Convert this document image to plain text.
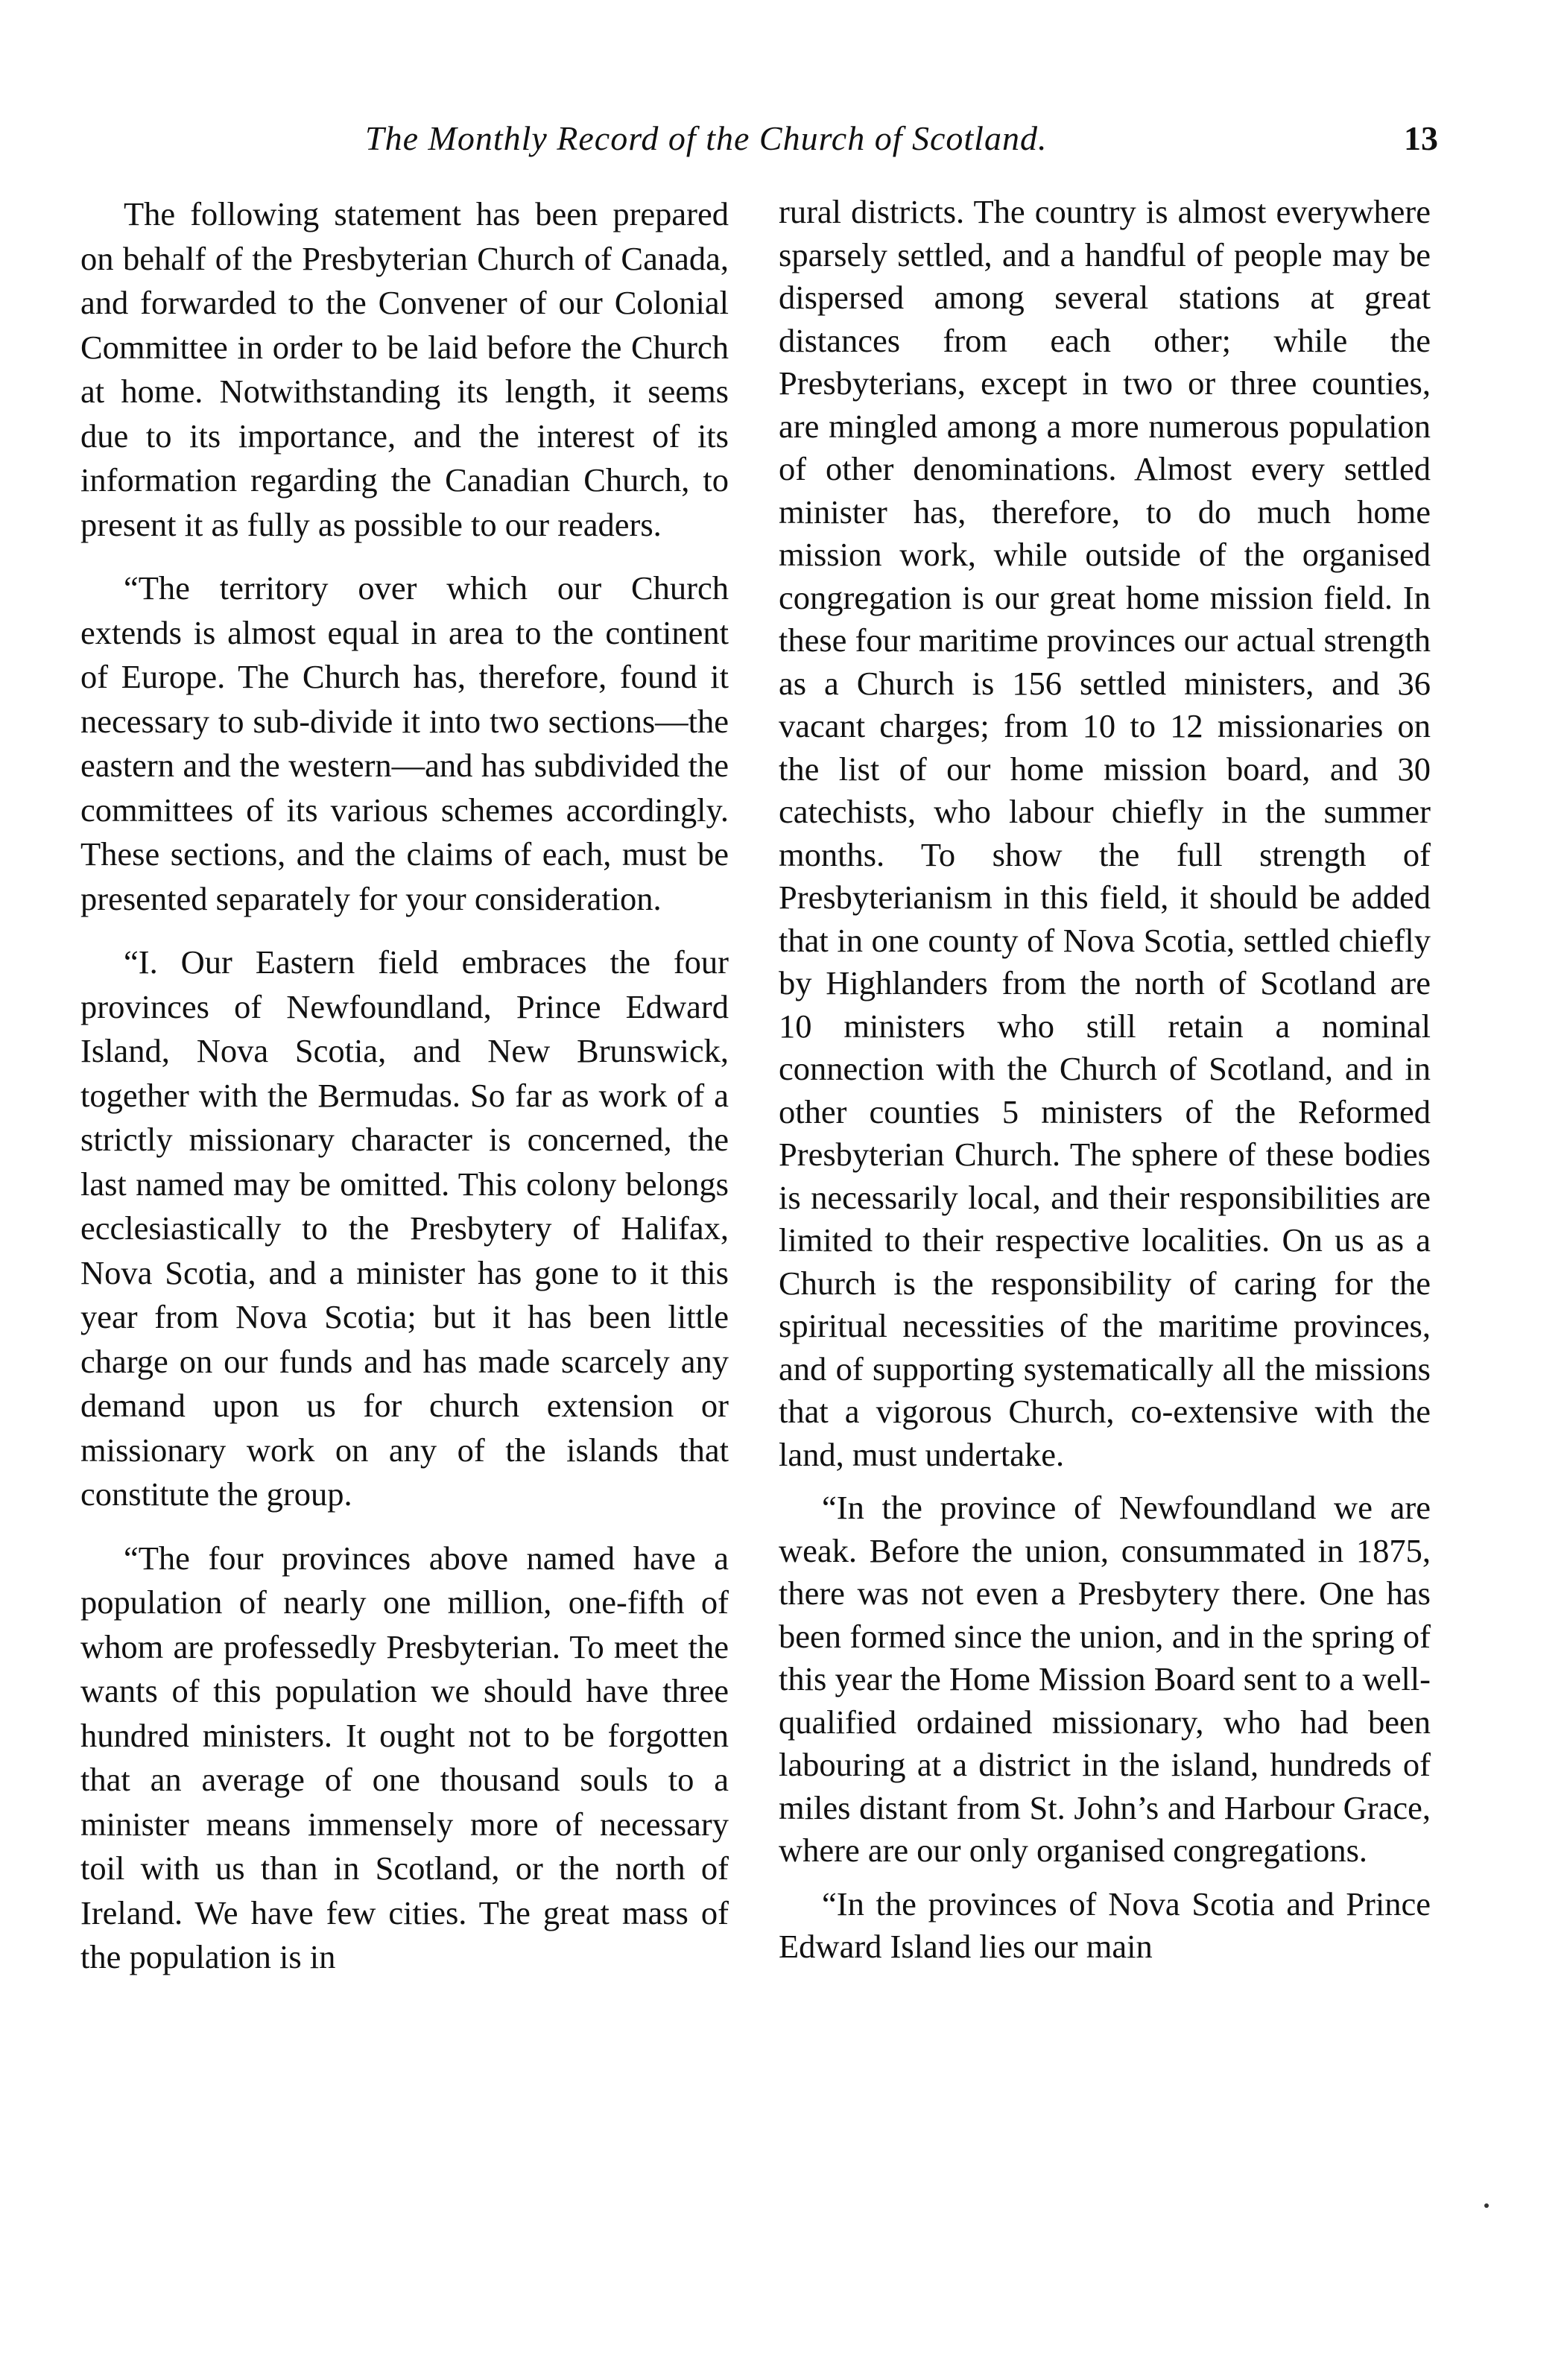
The Monthly Record of the Church of Scotland.	13

The following statement has been prepared on behalf of the Presbyterian Church of Canada, and forwarded to the Convener of our Colonial Committee in order to be laid before the Church at home. Notwithstanding its length, it seems due to its importance, and the interest of its information regarding the Canadian Church, to present it as fully as possible to our readers.

“The territory over which our Church extends is almost equal in area to the continent of Europe. The Church has, therefore, found it necessary to sub-divide it into two sections—the eastern and the western—and has subdivided the committees of its various schemes accordingly. These sections, and the claims of each, must be presented separately for your consideration.

“I. Our Eastern field embraces the four provinces of Newfoundland, Prince Edward Island, Nova Scotia, and New Brunswick, together with the Bermudas. So far as work of a strictly missionary character is concerned, the last named may be omitted. This colony belongs ecclesiastically to the Presbytery of Halifax, Nova Scotia, and a minister has gone to it this year from Nova Scotia; but it has been little charge on our funds and has made scarcely any demand upon us for church extension or missionary work on any of the islands that constitute the group.

“The four provinces above named have a population of nearly one million, one-fifth of whom are professedly Presbyterian. To meet the wants of this population we should have three hundred ministers. It ought not to be forgotten that an average of one thousand souls to a minister means immensely more of necessary toil with us than in Scotland, or the north of Ireland. We have few cities. The great mass of the population is in

rural districts. The country is almost everywhere sparsely settled, and a handful of people may be dispersed among several stations at great distances from each other; while the Presbyterians, except in two or three counties, are mingled among a more numerous population of other denominations. Almost every settled minister has, therefore, to do much home mission work, while outside of the organised congregation is our great home mission field. In these four maritime provinces our actual strength as a Church is 156 settled ministers, and 36 vacant charges; from 10 to 12 missionaries on the list of our home mission board, and 30 catechists, who labour chiefly in the summer months. To show the full strength of Presbyterianism in this field, it should be added that in one county of Nova Scotia, settled chiefly by Highlanders from the north of Scotland are 10 ministers who still retain a nominal connection with the Church of Scotland, and in other counties 5 ministers of the Reformed Presbyterian Church. The sphere of these bodies is necessarily local, and their responsibilities are limited to their respective localities. On us as a Church is the responsibility of caring for the spiritual necessities of the maritime provinces, and of supporting systematically all the missions that a vigorous Church, co-extensive with the land, must undertake.

“In the province of Newfoundland we are weak. Before the union, consummated in 1875, there was not even a Presbytery there. One has been formed since the union, and in the spring of this year the Home Mission Board sent to a well-qualified ordained missionary, who had been labouring at a district in the island, hundreds of miles distant from St. John’s and Harbour Grace, where are our only organised congregations.

“In the provinces of Nova Scotia and Prince Edward Island lies our main
